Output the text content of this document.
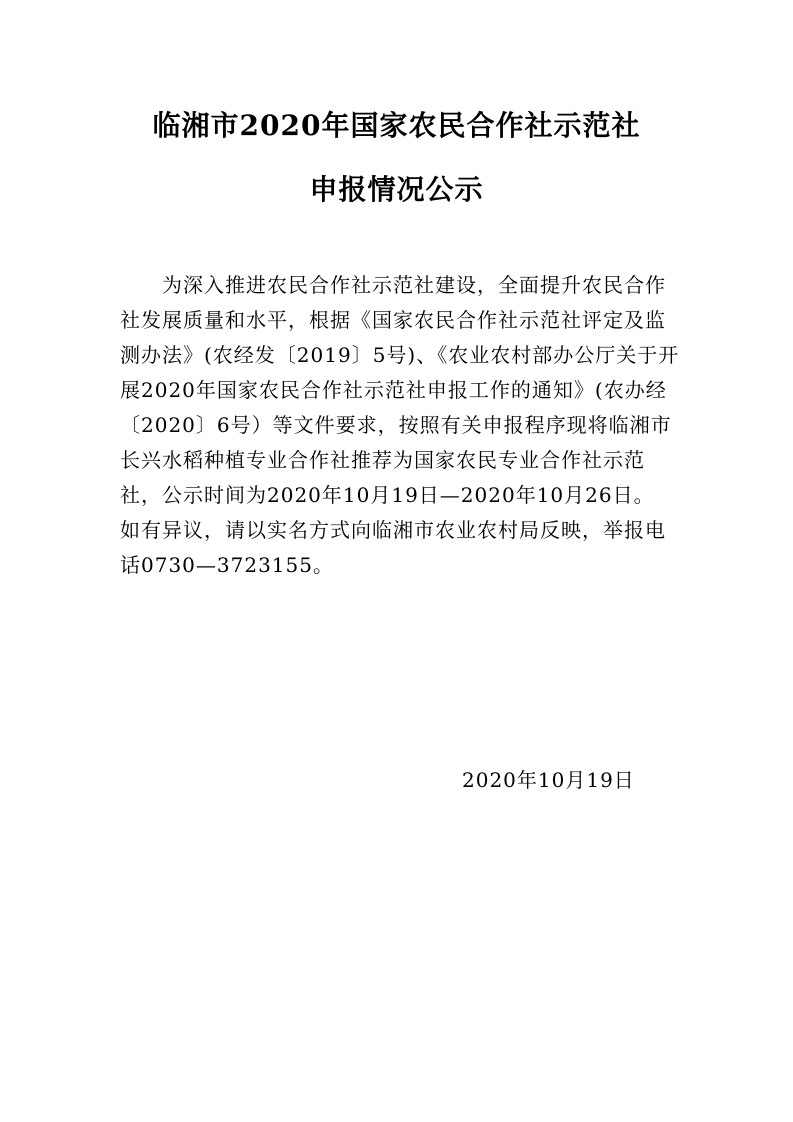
临湘市2020年国家农民合作社示范社
申报情况公示
为深入推进农民合作社示范社建设，全面提升农民合作
社发展质量和水平，根据《国家农民合作社示范社评定及监
测办法》(农经发〔2019〕5号)、《农业农村部办公厅关于开
展2020年国家农民合作社示范社申报工作的通知》(农办经
〔2020〕6号）等文件要求，按照有关申报程序现将临湘市
长兴水稻种植专业合作社推荐为国家农民专业合作社示范
社，公示时间为2020年10月19日—2020年10月26日。
如有异议，请以实名方式向临湘市农业农村局反映，举报电
话0730—3723155。
2020年10月19日
